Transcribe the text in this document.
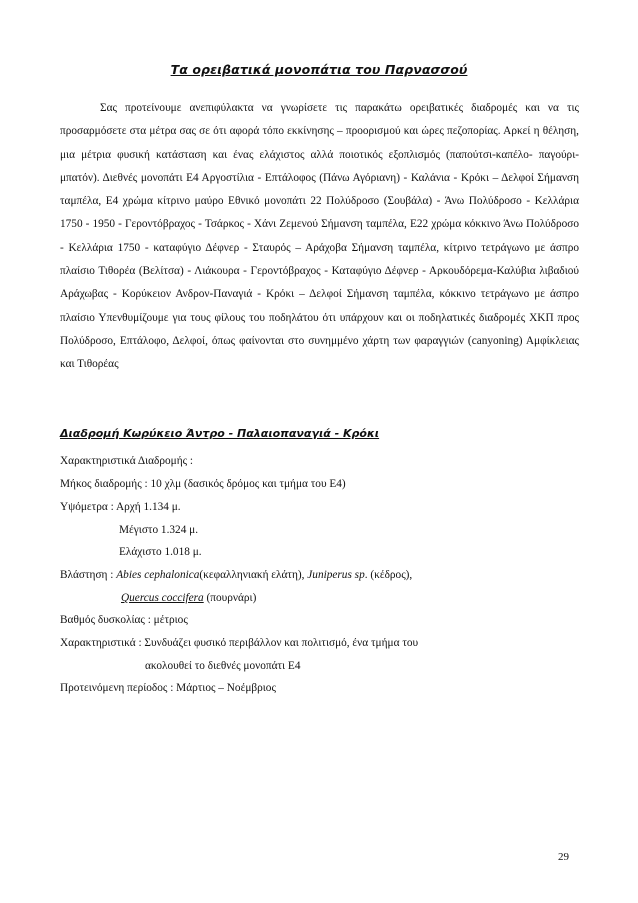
Τα ορειβατικά μονοπάτια του Παρνασσού

Σας προτείνουμε ανεπιφύλακτα να γνωρίσετε τις παρακάτω ορειβατικές διαδρομές και να τις προσαρμόσετε στα μέτρα σας σε ότι αφορά τόπο εκκίνησης – προορισμού και ώρες πεζοπορίας. Αρκεί η θέληση, μια μέτρια φυσική κατάσταση και ένας ελάχιστος αλλά ποιοτικός εξοπλισμός (παπούτσι-καπέλο- παγούρι-μπατόν). Διεθνές μονοπάτι Ε4 Αργοστίλια - Επτάλοφος (Πάνω Αγόριανη) - Καλάνια - Κρόκι – Δελφοί Σήμανση ταμπέλα, Ε4 χρώμα κίτρινο μαύρο Εθνικό μονοπάτι 22 Πολύδροσο (Σουβάλα) - Άνω Πολύδροσο - Κελλάρια 1750 - 1950 - Γεροντόβραχος - Τσάρκος - Χάνι Ζεμενού Σήμανση ταμπέλα, Ε22 χρώμα κόκκινο Άνω Πολύδροσο - Κελλάρια 1750 - καταφύγιο Δέφνερ - Σταυρός – Αράχοβα Σήμανση ταμπέλα, κίτρινο τετράγωνο με άσπρο πλαίσιο Τιθορέα (Βελίτσα) - Λιάκουρα - Γεροντόβραχος - Καταφύγιο Δέφνερ - Αρκουδόρεμα-Καλύβια λιβαδιού Αράχωβας - Κορύκειον Ανδρον-Παναγιά - Κρόκι – Δελφοί Σήμανση ταμπέλα, κόκκινο τετράγωνο με άσπρο πλαίσιο Υπενθυμίζουμε για τους φίλους του ποδηλάτου ότι υπάρχουν και οι ποδηλατικές διαδρομές ΧΚΠ προς Πολύδροσο, Επτάλοφο, Δελφοί, όπως φαίνονται στο συνημμένο χάρτη των φαραγγιών (canyoning) Αμφίκλειας και Τιθορέας

Διαδρομή Κωρύκειο Άντρο - Παλαιοπαναγιά - Κρόκι
Χαρακτηριστικά Διαδρομής :
Μήκος διαδρομής : 10 χλμ (δασικός δρόμος και τμήμα του Ε4)
Υψόμετρα : Αρχή 1.134 μ.
Μέγιστο 1.324 μ.
Ελάχιστο 1.018 μ.
Βλάστηση : Abies cephalonica(κεφαλληνιακή ελάτη), Juniperus sp. (κέδρος),
Quercus coccifera (πουρνάρι)
Βαθμός δυσκολίας : μέτριος
Χαρακτηριστικά : Συνδυάζει φυσικό περιβάλλον και πολιτισμό, ένα τμήμα του
ακολουθεί το διεθνές μονοπάτι Ε4
Προτεινόμενη περίοδος : Μάρτιος – Νοέμβριος
29
